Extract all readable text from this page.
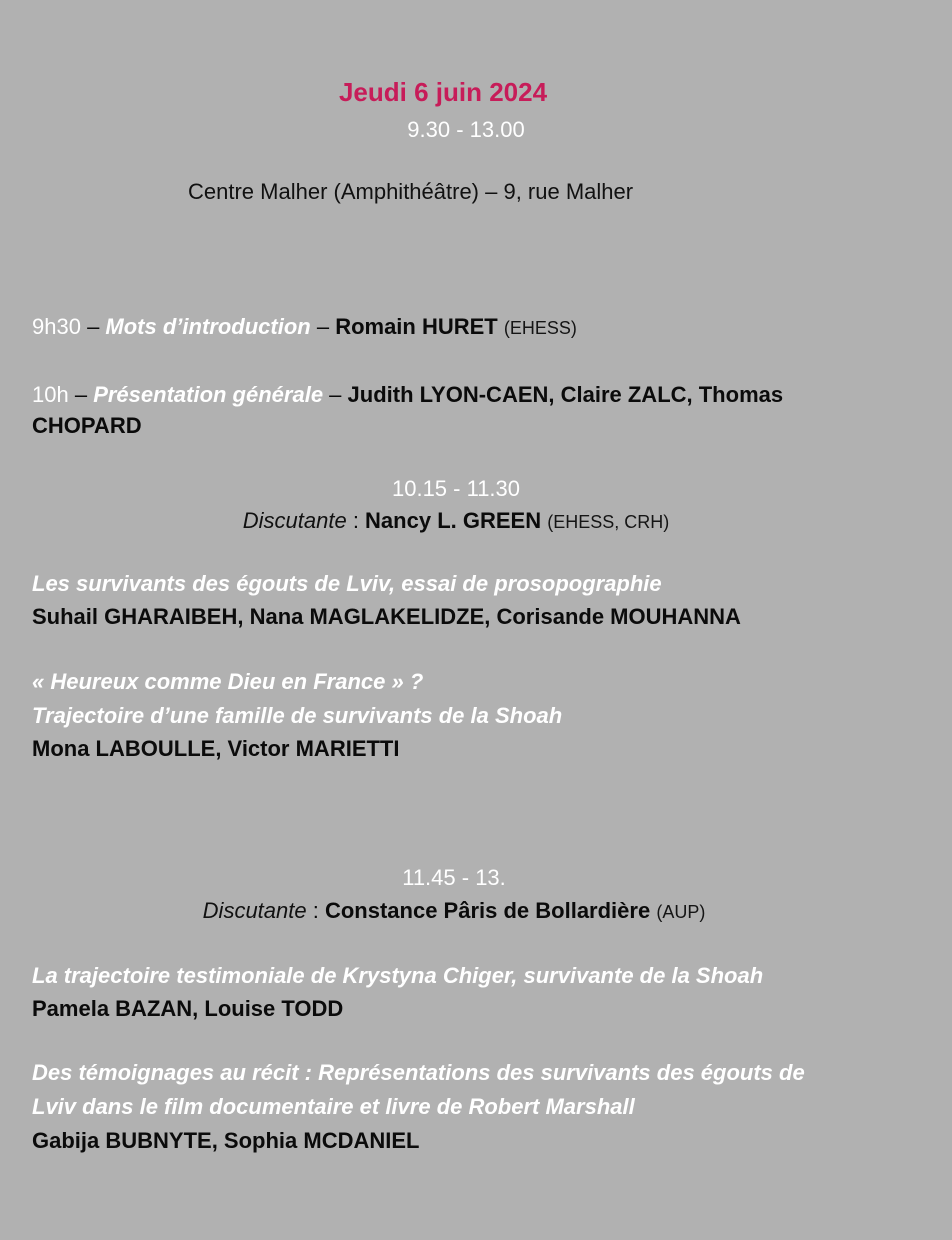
Jeudi 6 juin 2024
9.30 - 13.00
Centre Malher (Amphithéâtre) – 9, rue Malher
9h30 – Mots d’introduction – Romain HURET (EHESS)
10h – Présentation générale – Judith LYON-CAEN, Claire ZALC, Thomas
CHOPARD
10.15 - 11.30
Discutante : Nancy L. GREEN (EHESS, CRH)
Les survivants des égouts de Lviv, essai de prosopographie
Suhail GHARAIBEH, Nana MAGLAKELIDZE, Corisande MOUHANNA
« Heureux comme Dieu en France » ?
Trajectoire d’une famille de survivants de la Shoah
Mona LABOULLE, Victor MARIETTI
11.45 - 13.
Discutante : Constance Pâris de Bollardière (AUP)
La trajectoire testimoniale de Krystyna Chiger, survivante de la Shoah
Pamela BAZAN, Louise TODD
Des témoignages au récit : Représentations des survivants des égouts de
Lviv dans le film documentaire et livre de Robert Marshall
Gabija BUBNYTE, Sophia MCDANIEL
